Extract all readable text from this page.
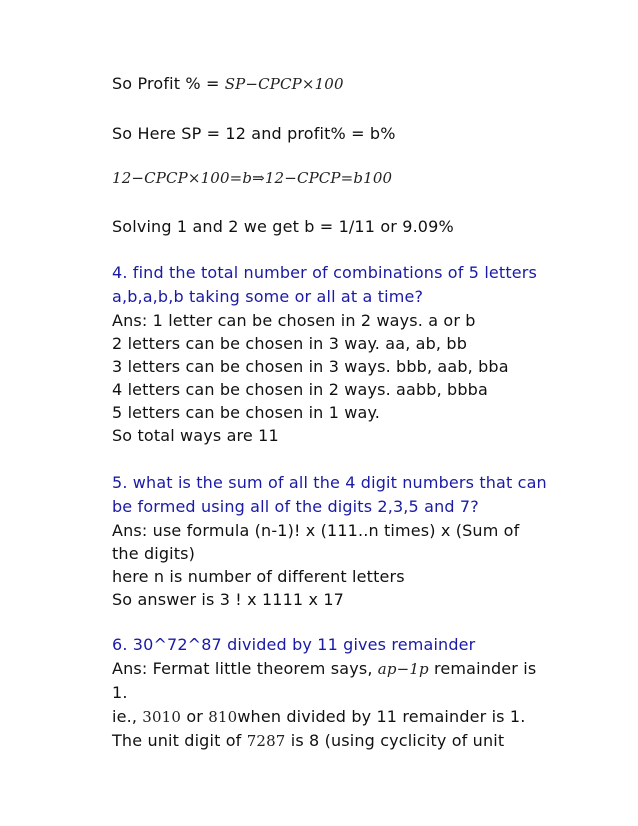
So Profit % = SP−CPCP×100
So Here SP = 12 and profit% = b%
12−CPCP×100=b⇒12−CPCP=b100
Solving 1 and 2 we get b = 1/11 or 9.09%
4. find the total number of combinations of 5 letters
a,b,a,b,b taking some or all at a time?
Ans: 1 letter can be chosen in 2 ways. a or b
2 letters can be chosen in 3 way. aa, ab, bb
3 letters can be chosen in 3 ways. bbb, aab, bba
4 letters can be chosen in 2 ways. aabb, bbba
5 letters can be chosen in 1 way.
So total ways are 11
5. what is the sum of all the 4 digit numbers that can
be formed using all of the digits 2,3,5 and 7?
Ans: use formula (n-1)! x (111..n times) x (Sum of
the digits)
here n is number of different letters
So answer is 3 ! x 1111 x 17
6. 30^72^87 divided by 11 gives remainder
Ans: Fermat little theorem says, ap−1p remainder is
1.
ie., 3010 or 810when divided by 11 remainder is 1.
The unit digit of 7287 is 8 (using cyclicity of unit
